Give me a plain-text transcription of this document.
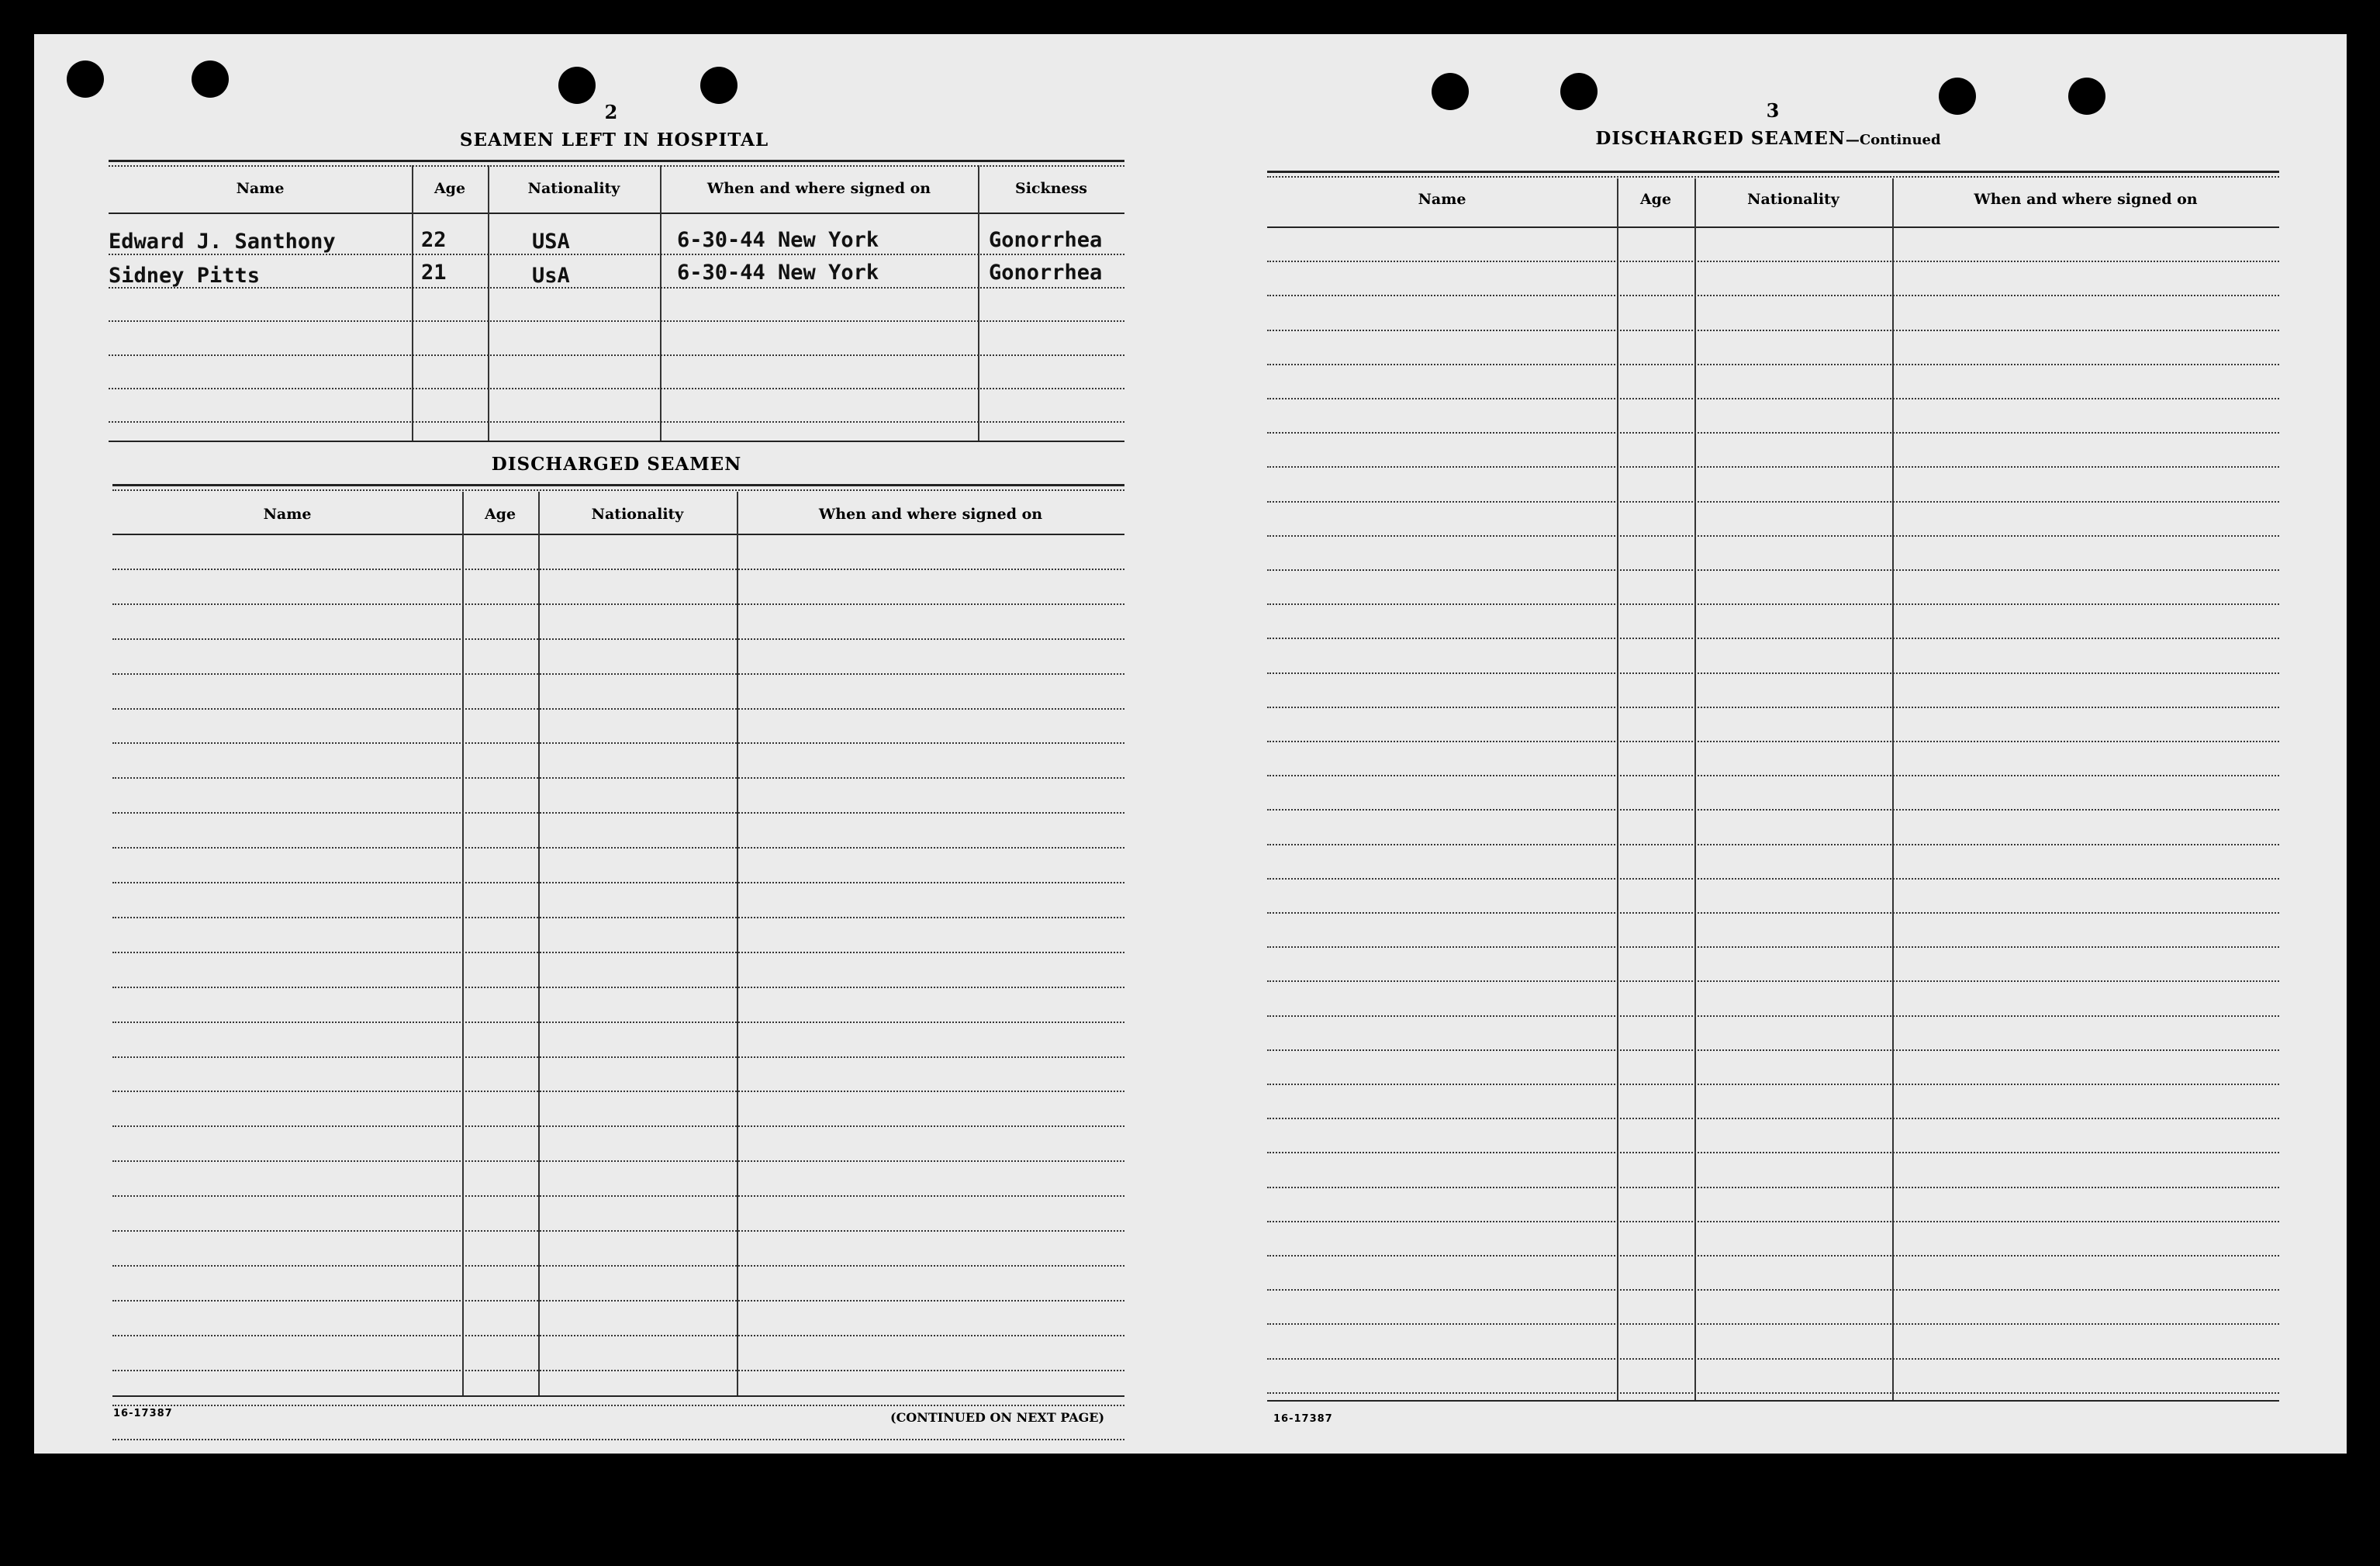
2
SEAMEN LEFT IN HOSPITAL
Name	Age	Nationality	When and where signed on	Sickness
Edward J. Santhony	22	USA	6-30-44 New York	Gonorrhea
Sidney Pitts	21	UsA	6-30-44 New York	Gonorrhea
DISCHARGED SEAMEN
Name	Age	Nationality	When and where signed on
16-17387	(CONTINUED ON NEXT PAGE)
3
DISCHARGED SEAMEN—Continued
Name	Age	Nationality	When and where signed on
16-17387
